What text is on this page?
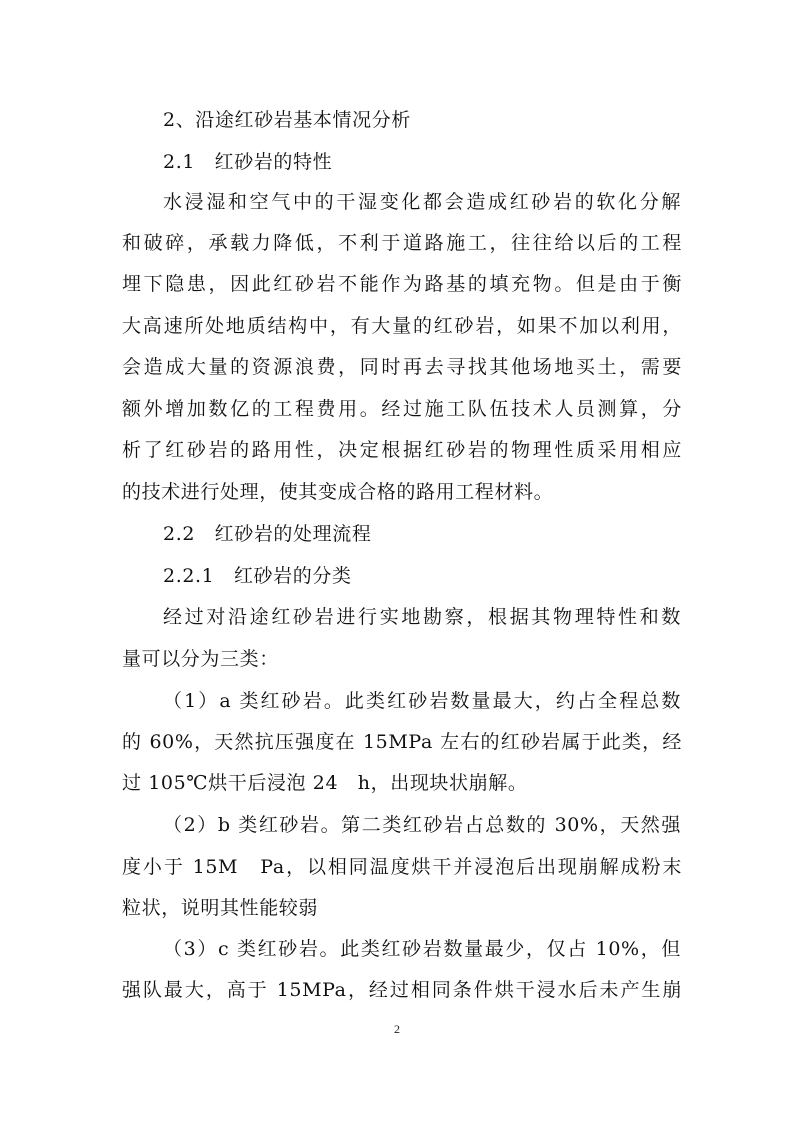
2、沿途红砂岩基本情况分析
2.1　红砂岩的特性
水浸湿和空气中的干湿变化都会造成红砂岩的软化分解
和破碎，承载力降低，不利于道路施工，往往给以后的工程
埋下隐患，因此红砂岩不能作为路基的填充物。但是由于衡
大高速所处地质结构中，有大量的红砂岩，如果不加以利用，
会造成大量的资源浪费，同时再去寻找其他场地买土，需要
额外增加数亿的工程费用。经过施工队伍技术人员测算，分
析了红砂岩的路用性，决定根据红砂岩的物理性质采用相应
的技术进行处理，使其变成合格的路用工程材料。
2.2　红砂岩的处理流程
2.2.1　红砂岩的分类
经过对沿途红砂岩进行实地勘察，根据其物理特性和数
量可以分为三类：
（1）a 类红砂岩。此类红砂岩数量最大，约占全程总数
的 60%，天然抗压强度在 15MPa 左右的红砂岩属于此类，经
过 105℃烘干后浸泡 24　h，出现块状崩解。
（2）b 类红砂岩。第二类红砂岩占总数的 30%，天然强
度小于 15M　Pa，以相同温度烘干并浸泡后出现崩解成粉末
粒状，说明其性能较弱
（3）c 类红砂岩。此类红砂岩数量最少，仅占 10%，但
强队最大，高于 15MPa，经过相同条件烘干浸水后未产生崩
2
